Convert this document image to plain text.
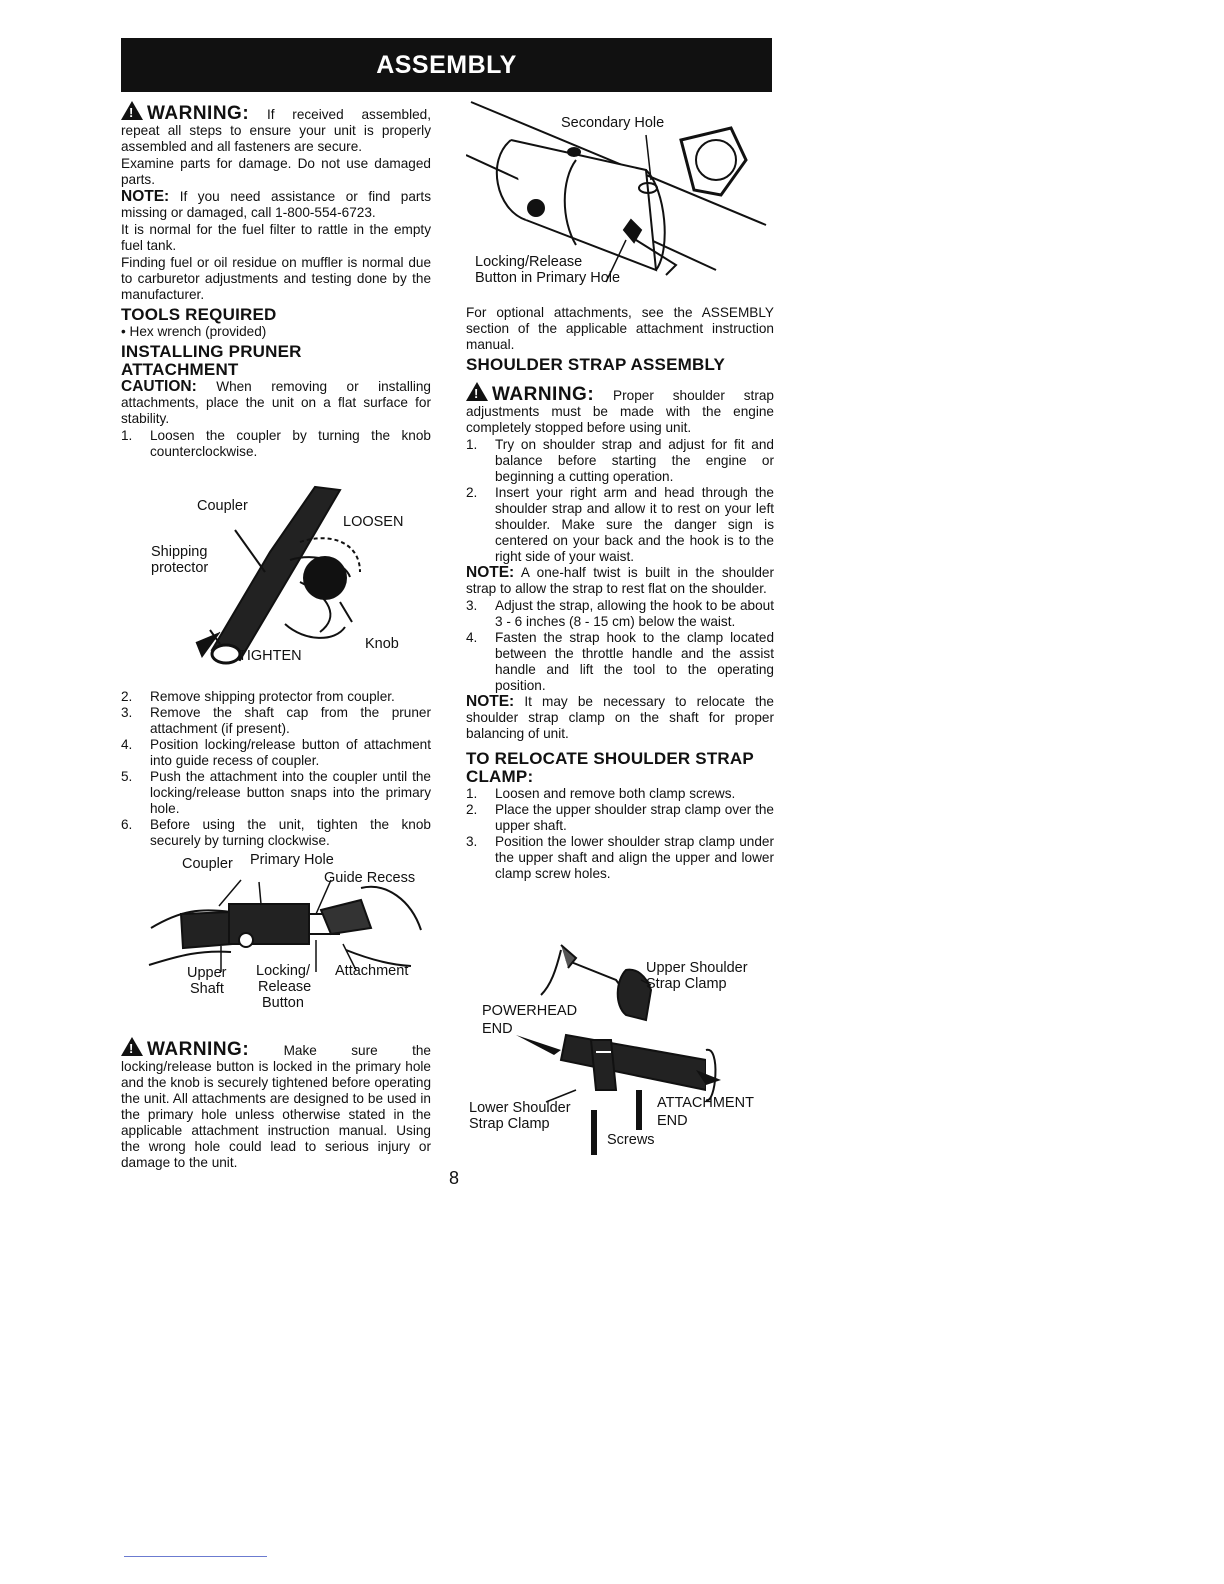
ASSEMBLY

!WARNING: If received assembled, repeat all steps to ensure your unit is properly assembled and all fasteners are secure.

Examine parts for damage. Do not use damaged parts.

NOTE: If you need assistance or find parts missing or damaged, call 1-800-554-6723.

It is normal for the fuel filter to rattle in the empty fuel tank.

Finding fuel or oil residue on muffler is normal due to carburetor adjustments and testing done by the manufacturer.

TOOLS REQUIRED

• Hex wrench (provided)

INSTALLING PRUNER ATTACHMENT

CAUTION: When removing or installing attachments, place the unit on a flat surface for stability.

1. Loosen the coupler by turning the knob counterclockwise.
Coupler
LOOSEN
Shipping
protector
Knob
TIGHTEN
2. Remove shipping protector from coupler.
3. Remove the shaft cap from the pruner attachment (if present).
4. Position locking/release button of attachment into guide recess of coupler.
5. Push the attachment into the coupler until the locking/release button snaps into the primary hole.
6. Before using the unit, tighten the knob securely by turning clockwise.
Coupler Primary Hole
Guide Recess
Upper
Shaft
Locking/
Release
Button
Attachment

!WARNING:	Make sure the locking/release button is locked in the primary hole and the knob is securely tightened before operating the unit. All attachments are designed to be used in the primary hole unless otherwise stated in the applicable attachment instruction manual. Using the wrong hole could lead to serious injury or damage to the unit.

Secondary Hole
Locking/Release
Button in Primary Hole

For optional attachments, see the ASSEMBLY section of the applicable attachment instruction manual.

SHOULDER STRAP ASSEMBLY

!WARNING: Proper shoulder strap adjustments must be made with the engine completely stopped before using unit.

1. Try on shoulder strap and adjust for fit and balance before starting the engine or beginning a cutting operation.
2. Insert your right arm and head through the shoulder strap and allow it to rest on your left shoulder. Make sure the danger sign is centered on your back and the hook is to the right side of your waist.

NOTE: A one-half twist is built in the shoulder strap to allow the strap to rest flat on the shoulder.

3. Adjust the strap, allowing the hook to be about 3 - 6 inches (8 - 15 cm) below the waist.
4. Fasten the strap hook to the clamp located between the throttle handle and the assist handle and lift the tool to the operating position.

NOTE: It may be necessary to relocate the shoulder strap clamp on the shaft for proper balancing of unit.

TO RELOCATE SHOULDER STRAP CLAMP:
1. Loosen and remove both clamp screws.
2. Place the upper shoulder strap clamp over the upper shaft.
3. Position the lower shoulder strap clamp under the upper shaft and align the upper and lower clamp screw holes.
Upper Shoulder
Strap Clamp
POWERHEAD
END
Lower Shoulder
Strap Clamp
ATTACHMENT
END
Screws
8
